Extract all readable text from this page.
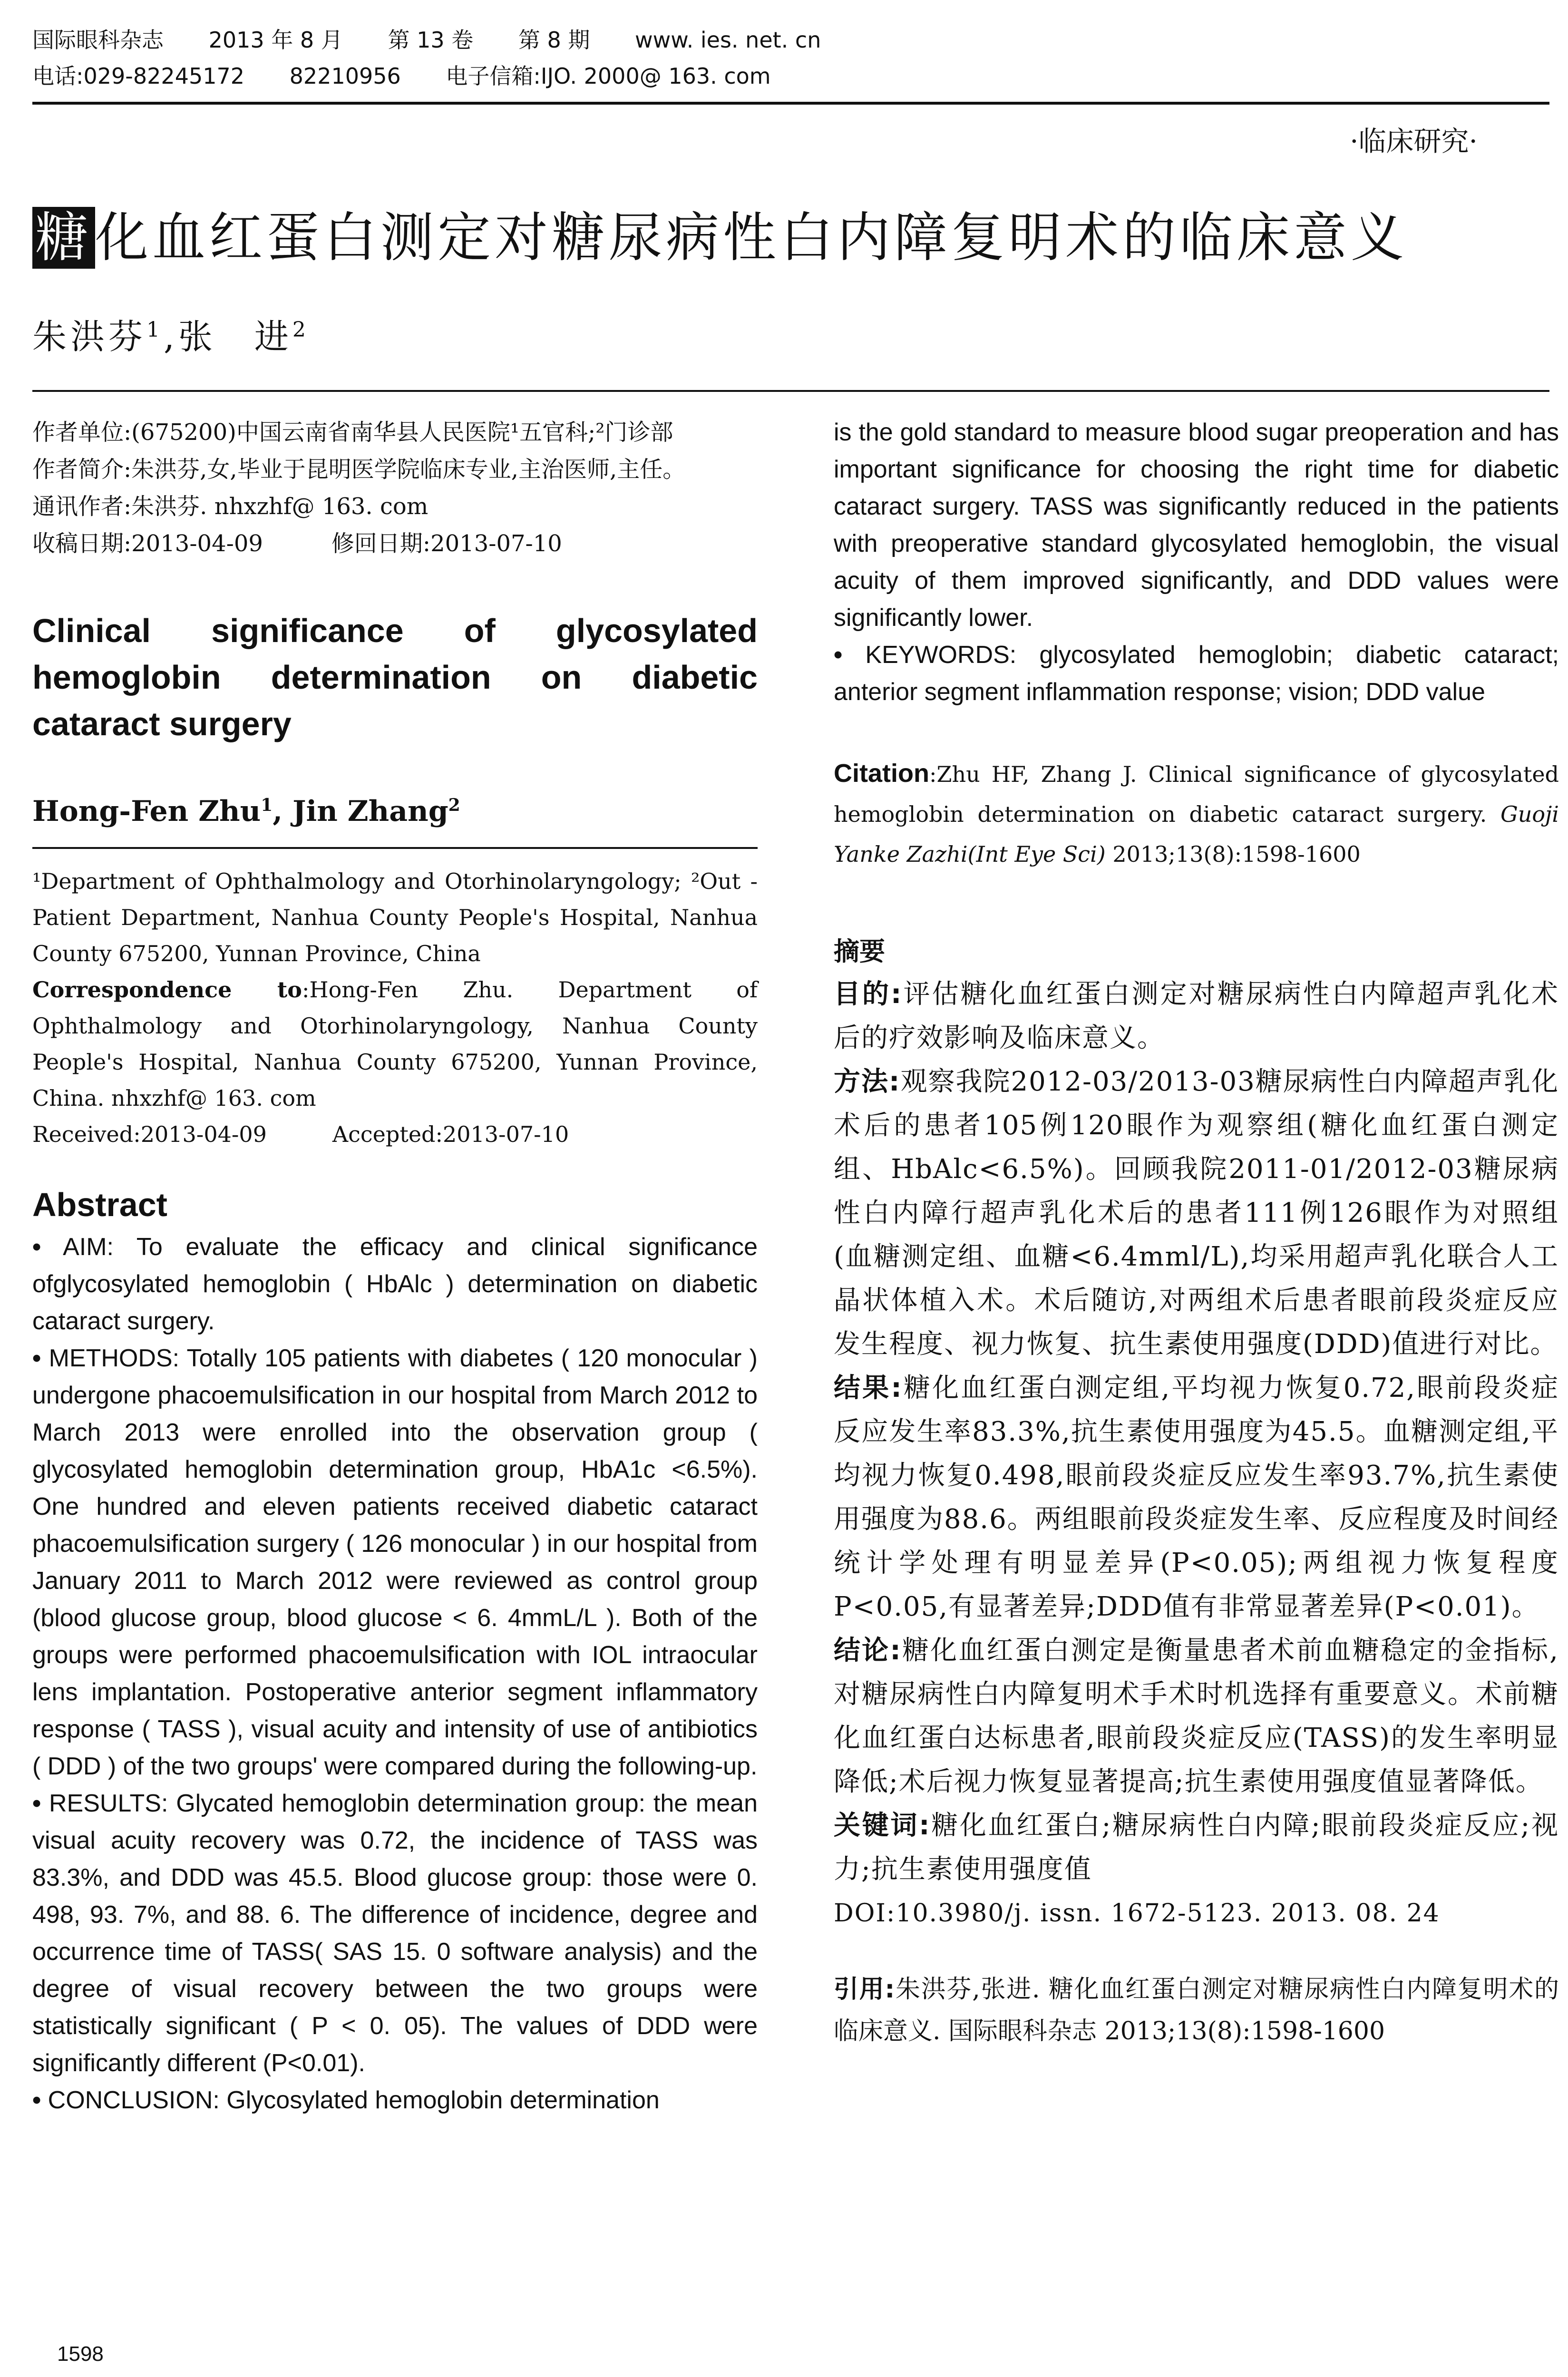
国际眼科杂志 2013 年 8 月 第 13 卷 第 8 期 www. ies. net. cn
电话:029-82245172 82210956 电子信箱:IJO. 2000@ 163. com
·临床研究·
糖化血红蛋白测定对糖尿病性白内障复明术的临床意义
朱洪芬$^1$,张　进$^2$

作者单位:(675200)中国云南省南华县人民医院¹五官科;²门诊部

作者简介:朱洪芬,女,毕业于昆明医学院临床专业,主治医师,主任。

通讯作者:朱洪芬. nhxzhf@ 163. com

收稿日期:2013-04-09　　　修回日期:2013-07-10

Clinical significance of glycosylated hemoglobin determination on diabetic cataract surgery
Hong-Fen Zhu$^1$, Jin Zhang$^2$

¹Department of Ophthalmology and Otorhinolaryngology; ²Out - Patient Department, Nanhua County People's Hospital, Nanhua County 675200, Yunnan Province, China

Correspondence to:Hong-Fen Zhu. Department of Ophthalmology and Otorhinolaryngology, Nanhua County People's Hospital, Nanhua County 675200, Yunnan Province, China. nhxzhf@ 163. com

Received:2013-04-09　　　Accepted:2013-07-10

Abstract

• AIM: To evaluate the efficacy and clinical significance ofglycosylated hemoglobin ( HbAlc ) determination on diabetic cataract surgery.

• METHODS: Totally 105 patients with diabetes ( 120 monocular ) undergone phacoemulsification in our hospital from March 2012 to March 2013 were enrolled into the observation group ( glycosylated hemoglobin determination group, HbA1c <6.5%). One hundred and eleven patients received diabetic cataract phacoemulsification surgery ( 126 monocular ) in our hospital from January 2011 to March 2012 were reviewed as control group (blood glucose group, blood glucose < 6. 4mmL/L ). Both of the groups were performed phacoemulsification with IOL intraocular lens implantation. Postoperative anterior segment inflammatory response ( TASS ), visual acuity and intensity of use of antibiotics ( DDD ) of the two groups' were compared during the following-up.

• RESULTS: Glycated hemoglobin determination group: the mean visual acuity recovery was 0.72, the incidence of TASS was 83.3%, and DDD was 45.5. Blood glucose group: those were 0. 498, 93. 7%, and 88. 6. The difference of incidence, degree and occurrence time of TASS( SAS 15. 0 software analysis) and the degree of visual recovery between the two groups were statistically significant ( P < 0. 05). The values of DDD were significantly different (P<0.01).

• CONCLUSION: Glycosylated hemoglobin determination

is the gold standard to measure blood sugar preoperation and has important significance for choosing the right time for diabetic cataract surgery. TASS was significantly reduced in the patients with preoperative standard glycosylated hemoglobin, the visual acuity of them improved significantly, and DDD values were significantly lower.

• KEYWORDS: glycosylated hemoglobin; diabetic cataract; anterior segment inflammation response; vision; DDD value

Citation:Zhu HF, Zhang J. Clinical significance of glycosylated hemoglobin determination on diabetic cataract surgery. Guoji Yanke Zazhi(Int Eye Sci) 2013;13(8):1598-1600
摘要

目的:评估糖化血红蛋白测定对糖尿病性白内障超声乳化术后的疗效影响及临床意义。

方法:观察我院2012-03/2013-03糖尿病性白内障超声乳化术后的患者105例120眼作为观察组(糖化血红蛋白测定组、HbAlc<6.5%)。回顾我院2011-01/2012-03糖尿病性白内障行超声乳化术后的患者111例126眼作为对照组(血糖测定组、血糖<6.4mml/L),均采用超声乳化联合人工晶状体植入术。术后随访,对两组术后患者眼前段炎症反应发生程度、视力恢复、抗生素使用强度(DDD)值进行对比。

结果:糖化血红蛋白测定组,平均视力恢复0.72,眼前段炎症反应发生率83.3%,抗生素使用强度为45.5。血糖测定组,平均视力恢复0.498,眼前段炎症反应发生率93.7%,抗生素使用强度为88.6。两组眼前段炎症发生率、反应程度及时间经统计学处理有明显差异(P<0.05);两组视力恢复程度P<0.05,有显著差异;DDD值有非常显著差异(P<0.01)。

结论:糖化血红蛋白测定是衡量患者术前血糖稳定的金指标,对糖尿病性白内障复明术手术时机选择有重要意义。术前糖化血红蛋白达标患者,眼前段炎症反应(TASS)的发生率明显降低;术后视力恢复显著提高;抗生素使用强度值显著降低。

关键词:糖化血红蛋白;糖尿病性白内障;眼前段炎症反应;视力;抗生素使用强度值

DOI:10.3980/j. issn. 1672-5123. 2013. 08. 24

引用:朱洪芬,张进. 糖化血红蛋白测定对糖尿病性白内障复明术的临床意义. 国际眼科杂志 2013;13(8):1598-1600
1598
